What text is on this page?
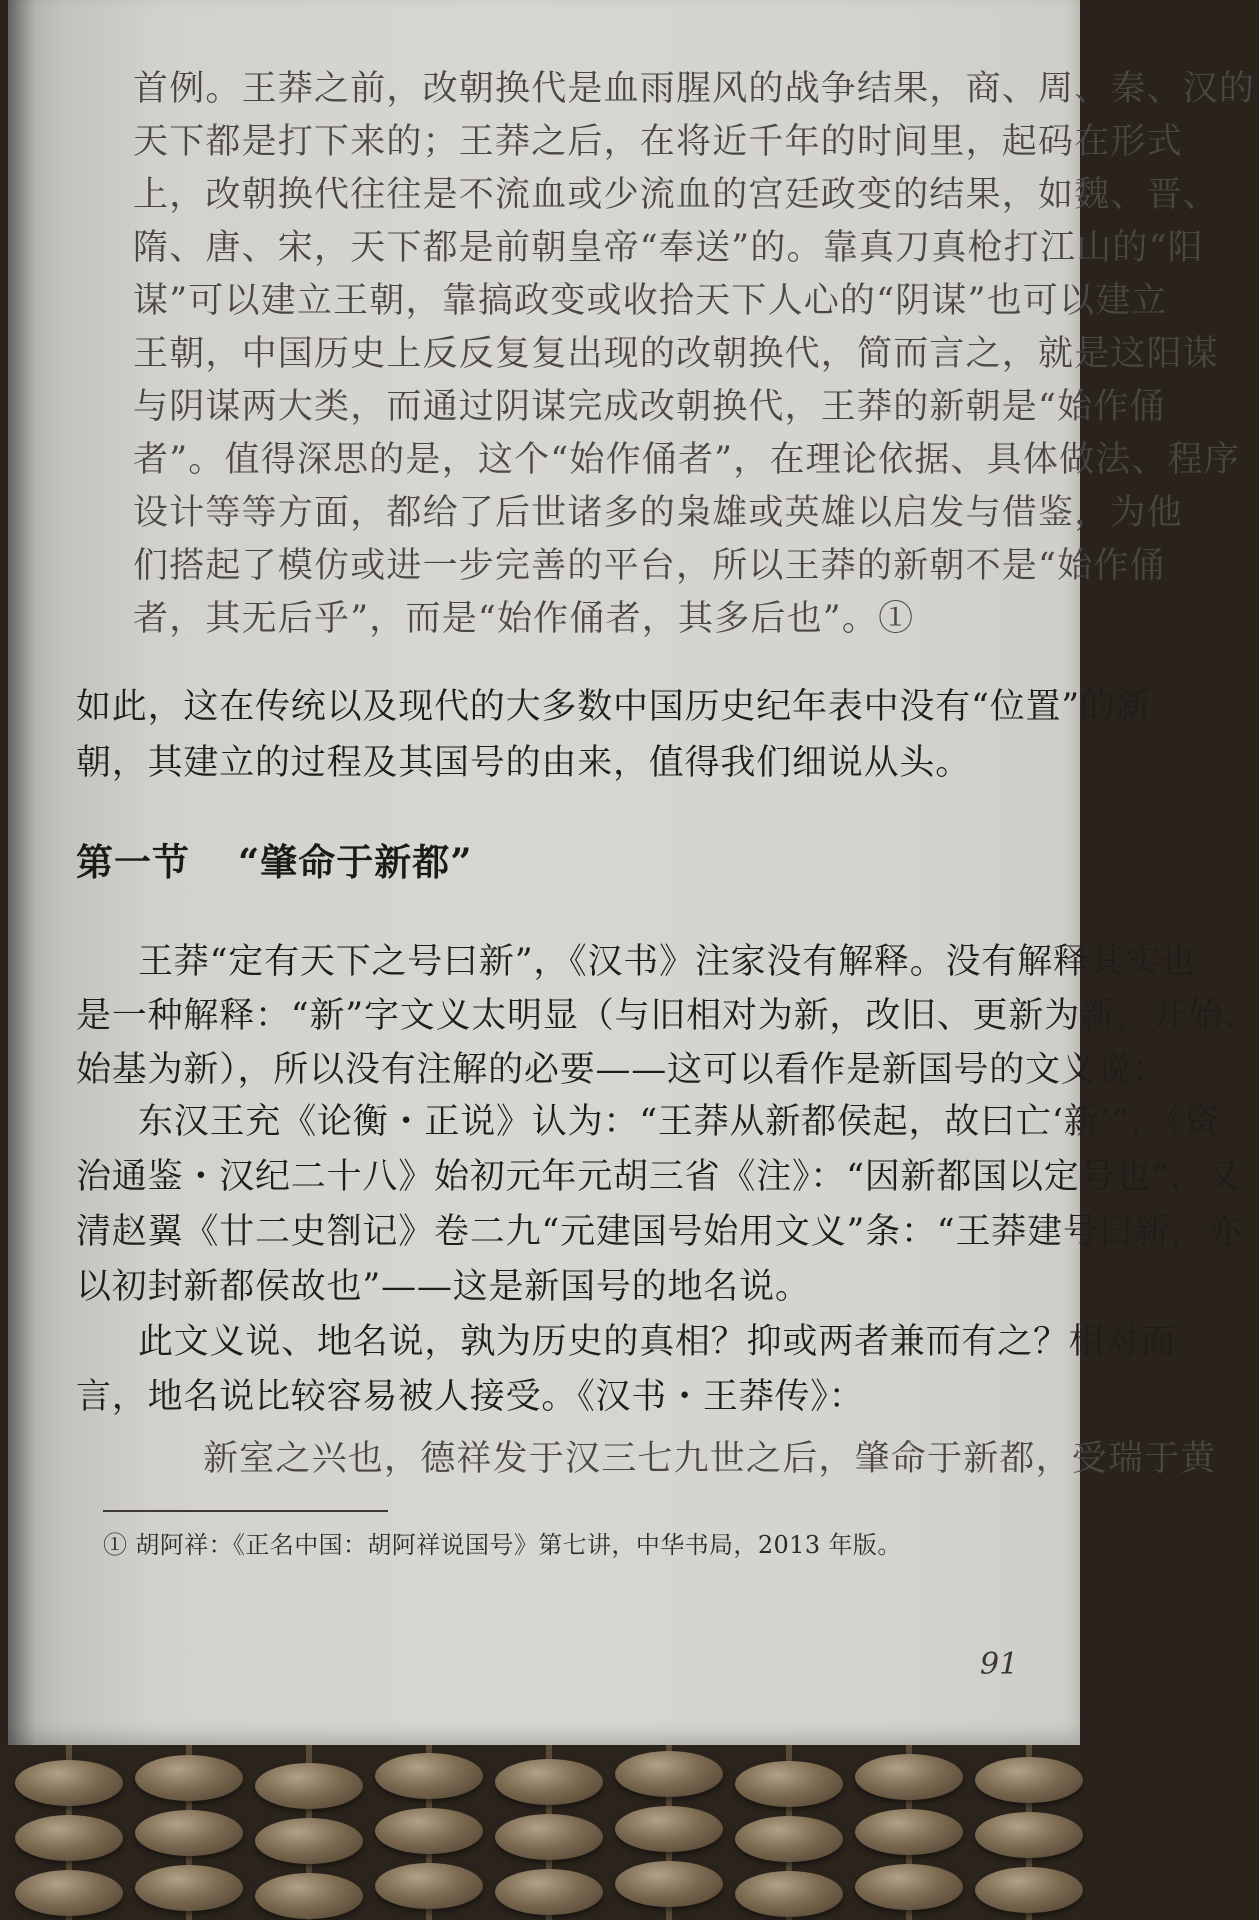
首例。王莽之前，改朝换代是血雨腥风的战争结果，商、周、秦、汉的
天下都是打下来的；王莽之后，在将近千年的时间里，起码在形式
上，改朝换代往往是不流血或少流血的宫廷政变的结果，如魏、晋、
隋、唐、宋，天下都是前朝皇帝“奉送”的。靠真刀真枪打江山的“阳
谋”可以建立王朝，靠搞政变或收拾天下人心的“阴谋”也可以建立
王朝，中国历史上反反复复出现的改朝换代，简而言之，就是这阳谋
与阴谋两大类，而通过阴谋完成改朝换代，王莽的新朝是“始作俑
者”。值得深思的是，这个“始作俑者”，在理论依据、具体做法、程序
设计等等方面，都给了后世诸多的枭雄或英雄以启发与借鉴，为他
们搭起了模仿或进一步完善的平台，所以王莽的新朝不是“始作俑
者，其无后乎”，而是“始作俑者，其多后也”。①
如此，这在传统以及现代的大多数中国历史纪年表中没有“位置”的新
朝，其建立的过程及其国号的由来，值得我们细说从头。
第一节 “肇命于新都”
王莽“定有天下之号曰新”，《汉书》注家没有解释。没有解释其实也
是一种解释：“新”字文义太明显（与旧相对为新，改旧、更新为新，开始、
始基为新），所以没有注解的必要——这可以看作是新国号的文义说；
东汉王充《论衡・正说》认为：“王莽从新都侯起，故曰亡‘新’”，《资
治通鉴・汉纪二十八》始初元年元胡三省《注》：“因新都国以定号也”，又
清赵翼《廿二史劄记》卷二九“元建国号始用文义”条：“王莽建号曰新，亦
以初封新都侯故也”——这是新国号的地名说。
此文义说、地名说，孰为历史的真相？抑或两者兼而有之？相对而
言，地名说比较容易被人接受。《汉书・王莽传》：
新室之兴也，德祥发于汉三七九世之后，肇命于新都，受瑞于黄
① 胡阿祥：《正名中国：胡阿祥说国号》第七讲，中华书局，2013 年版。
91
